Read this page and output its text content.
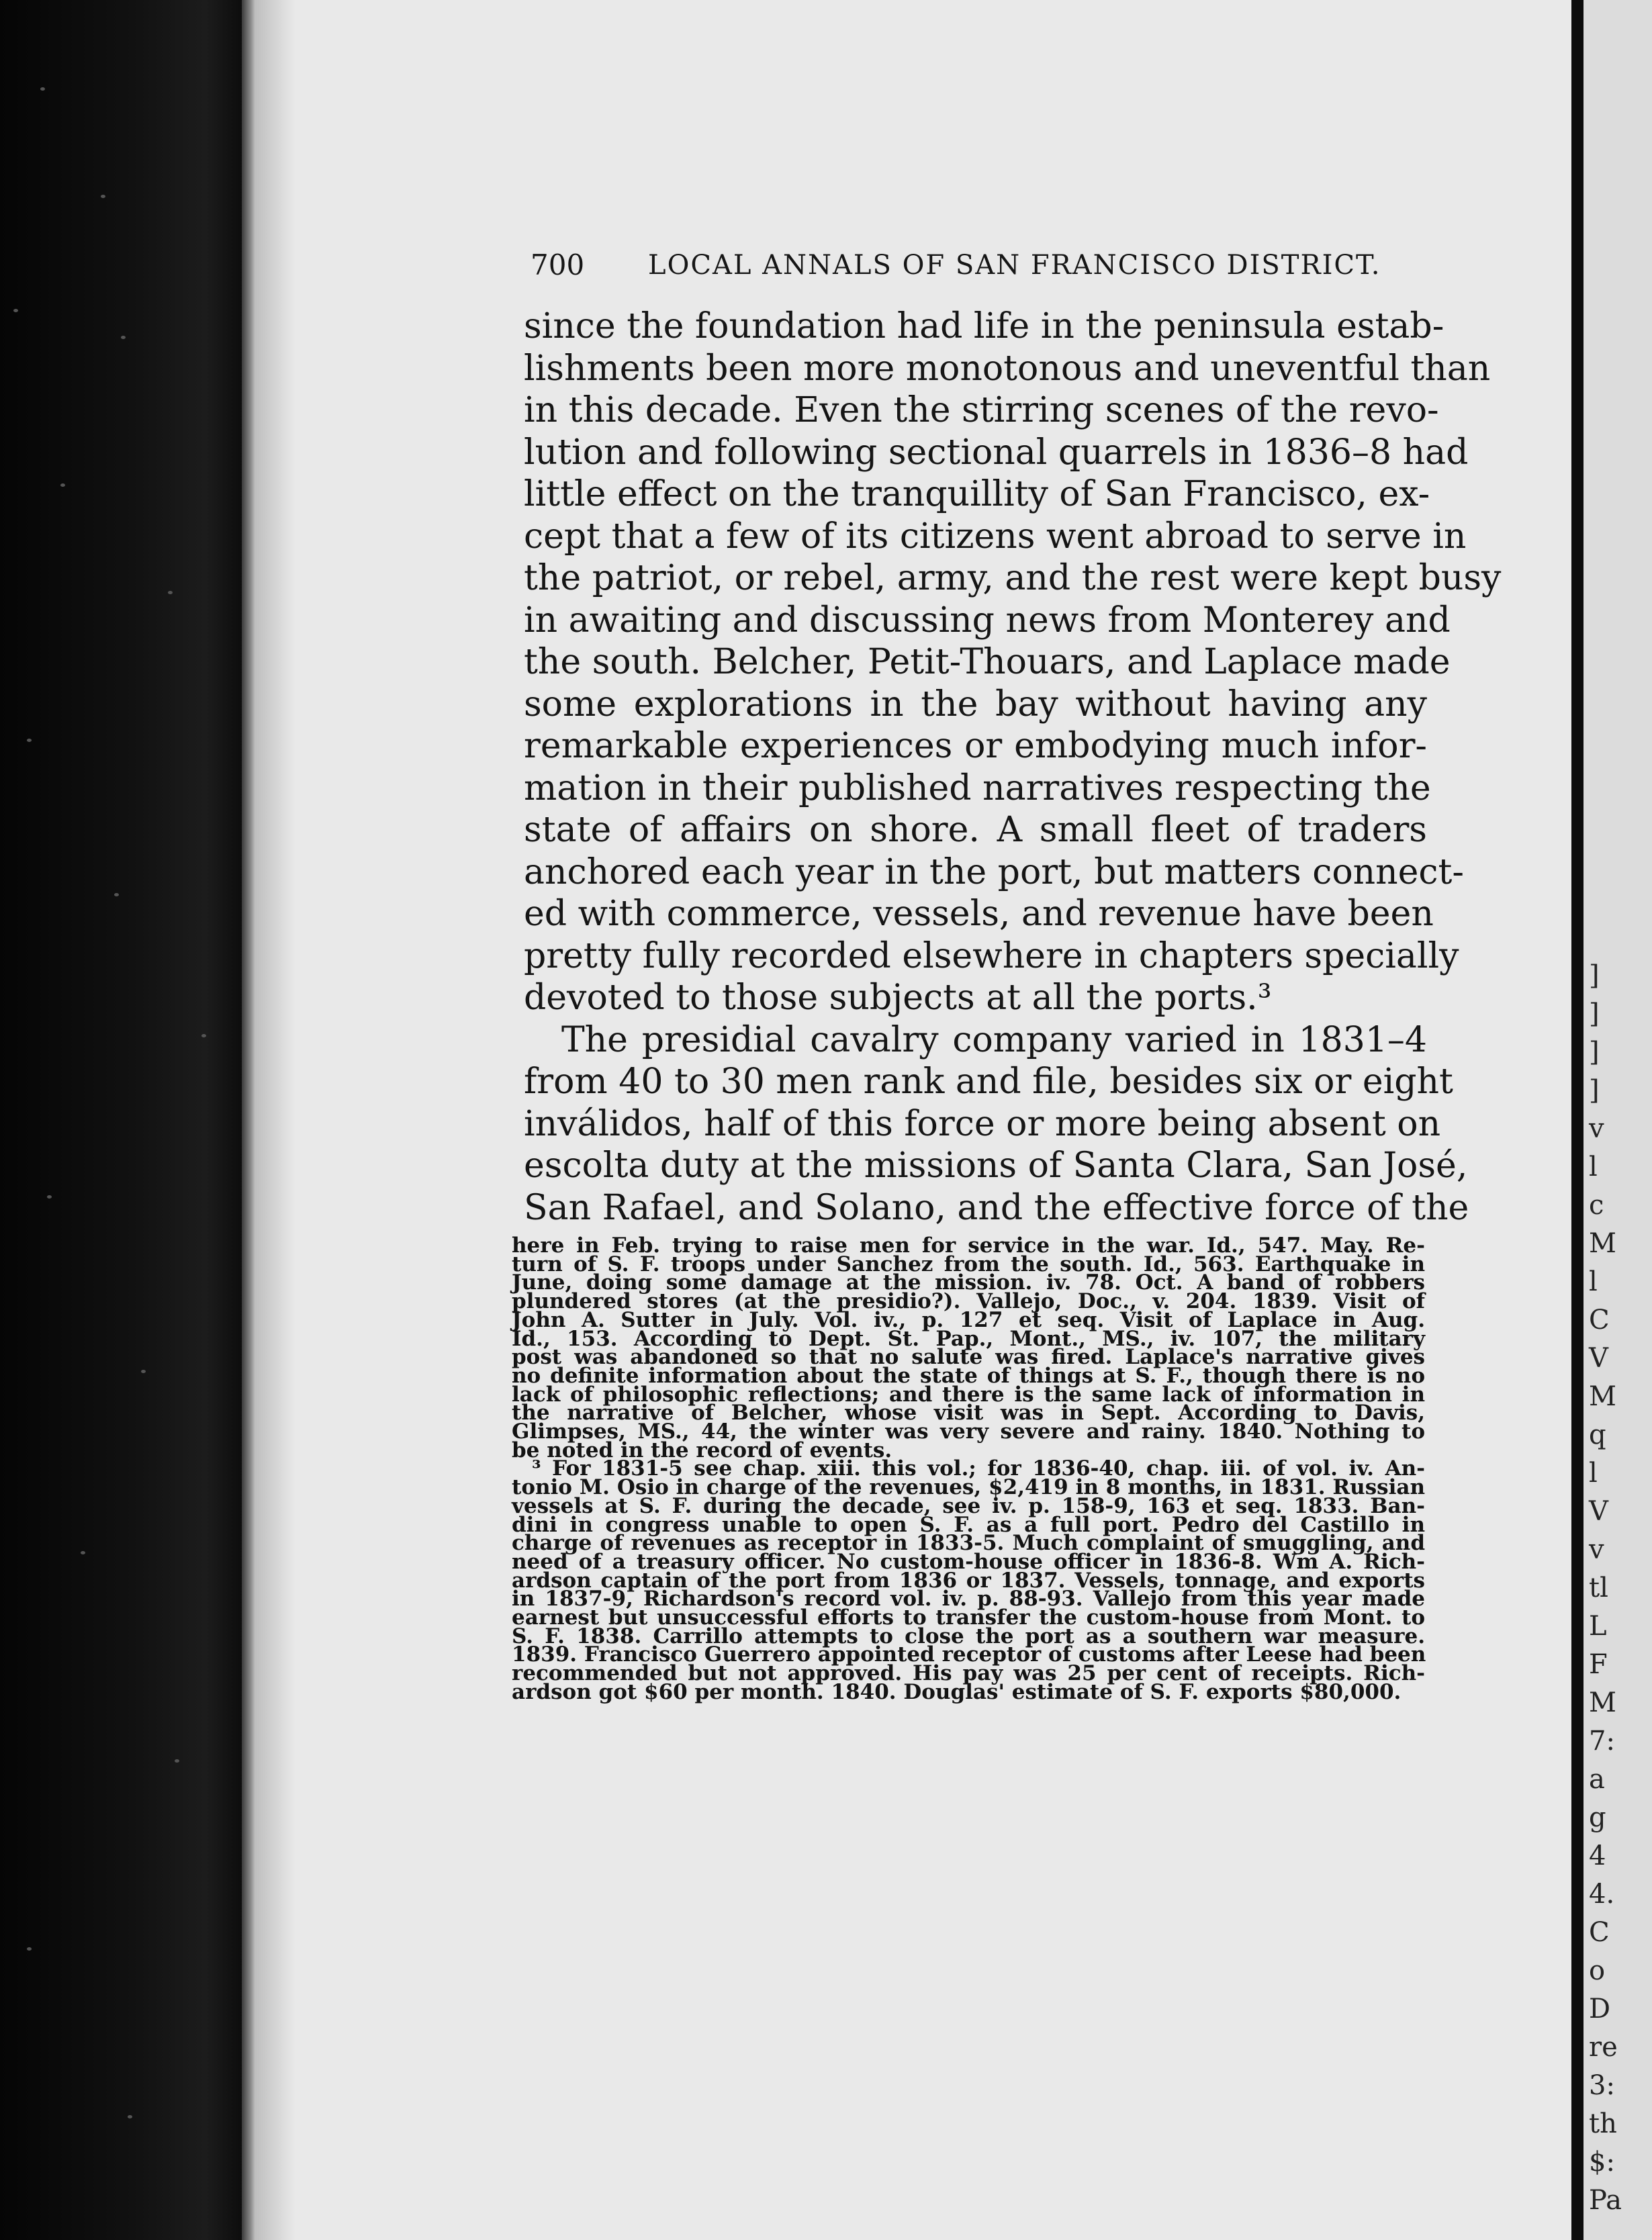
]
]
]
]
v
l
c
M
l
C
V
M
q
l
V
v
tl
L
F
M
7:
a
g
4
4.
C
o
D
re
3:
th
$:
Pa
700 LOCAL ANNALS OF SAN FRANCISCO DISTRICT.
since the foundation had life in the peninsula estab-
lishments been more monotonous and uneventful than
in this decade. Even the stirring scenes of the revo-
lution and following sectional quarrels in 1836–8 had
little effect on the tranquillity of San Francisco, ex-
cept that a few of its citizens went abroad to serve in
the patriot, or rebel, army, and the rest were kept busy
in awaiting and discussing news from Monterey and
the south. Belcher, Petit-Thouars, and Laplace made
some explorations in the bay without having any
remarkable experiences or embodying much infor-
mation in their published narratives respecting the
state of affairs on shore. A small fleet of traders
anchored each year in the port, but matters connect-
ed with commerce, vessels, and revenue have been
pretty fully recorded elsewhere in chapters specially
devoted to those subjects at all the ports.³
The presidial cavalry company varied in 1831–4
from 40 to 30 men rank and file, besides six or eight
inválidos, half of this force or more being absent on
escolta duty at the missions of Santa Clara, San José,
San Rafael, and Solano, and the effective force of the
here in Feb. trying to raise men for service in the war. Id., 547. May. Re-
turn of S. F. troops under Sanchez from the south. Id., 563. Earthquake in
June, doing some damage at the mission. iv. 78. Oct. A band of robbers
plundered stores (at the presidio?). Vallejo, Doc., v. 204. 1839. Visit of
John A. Sutter in July. Vol. iv., p. 127 et seq. Visit of Laplace in Aug.
Id., 153. According to Dept. St. Pap., Mont., MS., iv. 107, the military
post was abandoned so that no salute was fired. Laplace's narrative gives
no definite information about the state of things at S. F., though there is no
lack of philosophic reflections; and there is the same lack of information in
the narrative of Belcher, whose visit was in Sept. According to Davis,
Glimpses, MS., 44, the winter was very severe and rainy. 1840. Nothing to
be noted in the record of events.
³ For 1831-5 see chap. xiii. this vol.; for 1836-40, chap. iii. of vol. iv. An-
tonio M. Osio in charge of the revenues, $2,419 in 8 months, in 1831. Russian
vessels at S. F. during the decade, see iv. p. 158-9, 163 et seq. 1833. Ban-
dini in congress unable to open S. F. as a full port. Pedro del Castillo in
charge of revenues as receptor in 1833-5. Much complaint of smuggling, and
need of a treasury officer. No custom-house officer in 1836-8. Wm A. Rich-
ardson captain of the port from 1836 or 1837. Vessels, tonnage, and exports
in 1837-9, Richardson's record vol. iv. p. 88-93. Vallejo from this year made
earnest but unsuccessful efforts to transfer the custom-house from Mont. to
S. F. 1838. Carrillo attempts to close the port as a southern war measure.
1839. Francisco Guerrero appointed receptor of customs after Leese had been
recommended but not approved. His pay was 25 per cent of receipts. Rich-
ardson got $60 per month. 1840. Douglas' estimate of S. F. exports $80,000.
